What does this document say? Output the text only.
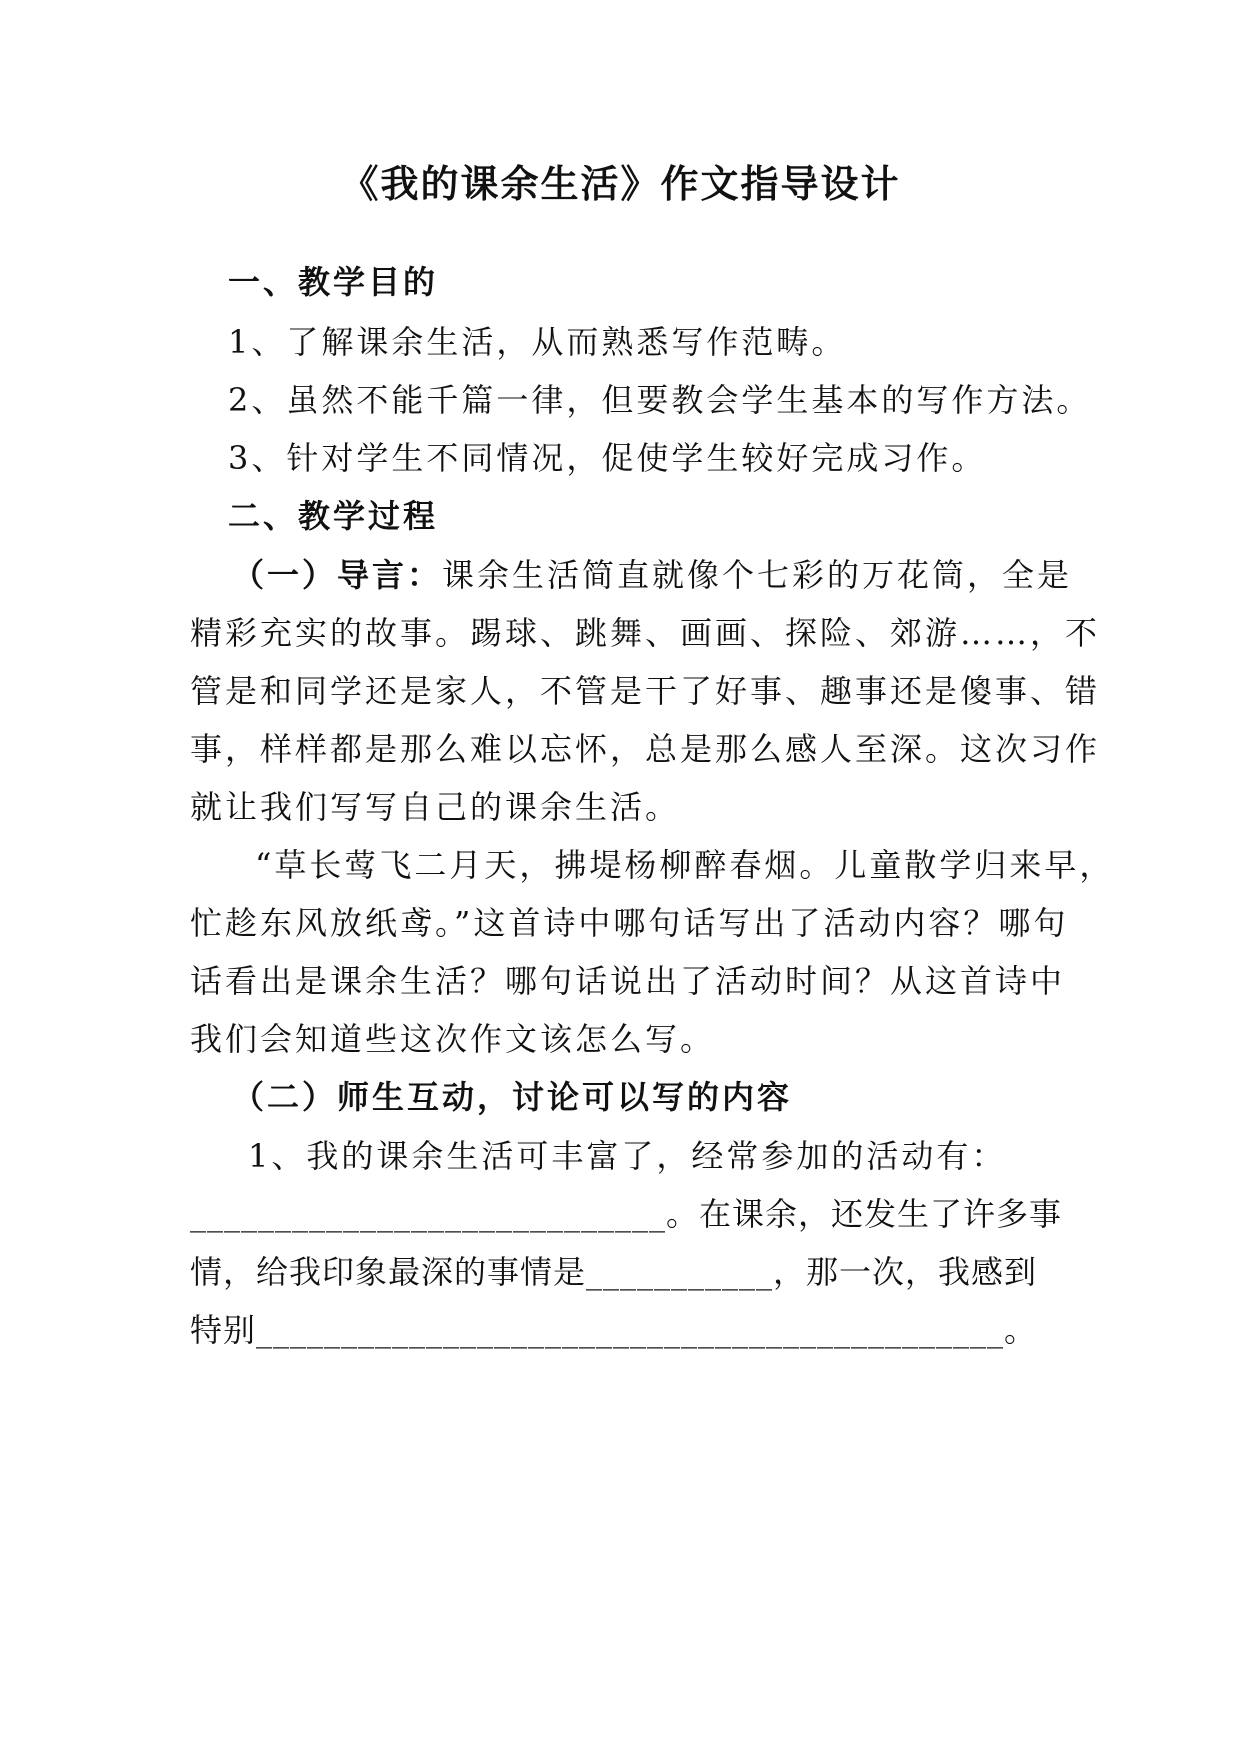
《我的课余生活》作文指导设计
一、教学目的
1、了解课余生活，从而熟悉写作范畴。
2、虽然不能千篇一律，但要教会学生基本的写作方法。
3、针对学生不同情况，促使学生较好完成习作。
二、教学过程
（一）导言：课余生活简直就像个七彩的万花筒，全是
精彩充实的故事。踢球、跳舞、画画、探险、郊游……，不
管是和同学还是家人，不管是干了好事、趣事还是傻事、错
事，样样都是那么难以忘怀，总是那么感人至深。这次习作
就让我们写写自己的课余生活。
“草长莺飞二月天，拂堤杨柳醉春烟。儿童散学归来早，
忙趁东风放纸鸢。”这首诗中哪句话写出了活动内容？哪句
话看出是课余生活？哪句话说出了活动时间？从这首诗中
我们会知道些这次作文该怎么写。
（二）师生互动，讨论可以写的内容
1、我的课余生活可丰富了，经常参加的活动有：
____________________________。在课余，还发生了许多事
情，给我印象最深的事情是___________，那一次，我感到
特别____________________________________________。
